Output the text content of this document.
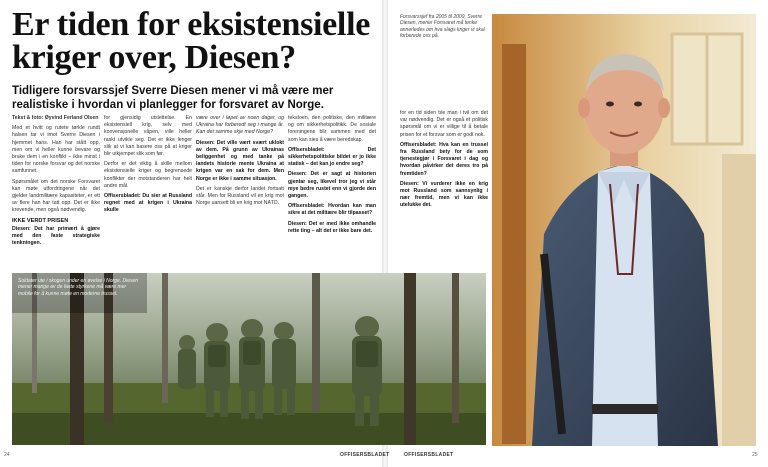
Er tiden for eksistensielle kriger over, Diesen?
Tidligere forsvarssjef Sverre Diesen mener vi må være mer realistiske i hvordan vi planlegger for forsvaret av Norge.

Tekst & foto: Øyvind Ferland Olsen

Med et hvitt og rutete tørkle rundt halsen tar vi imot Sverre Diesen i hjemmet hans. Han har stått opp, men om vi heller kunne bevare og bruke dem i en konflikt – ikke minst i tiden for norske forsvar og det norske samfunnet.

Spørsmålet om det norske Forsvaret kan møte utfordringene når det gjelder landmilitære kapasiteter, er ett av flere han har tatt opp. Det er ikke krevende, men også nødvendig.

IKKE VERDT PRISEN

Diesen: Det har primært å gjøre med den faste strategiske tenkningen.

for gjensidig utslettelse. En eksistensiell krig, selv med konvensjonelle våpen, ville heller raskt utvikle seg. Det er ikke lenger slik at vi kan basere oss på at kriger blir utkjempet slik som før.

Derfor er det viktig å skille mellom eksistensielle kriger og begrensede konflikter der motstanderen har helt andre mål.

Offisersbladet: Du sier at Russland regnet med at krigen i Ukraina skulle

være over i løpet av noen dager, og Ukraina har forberedt seg i mange år. Kan det samme skje med Norge?

Diesen: Det ville vært svært uklokt av dem. På grunn av Ukrainas beliggenhet og med tanke på landets historie mente Ukraina at krigen var en sak for dem. Men Norge er ikke i samme situasjon.

Det er kanskje derfor landet fortsatt står. Men for Russland vil en krig mot Norge uansett bli en krig mot NATO.

tekstoen, den politiske, den militære og om sikkerhetspolitikk. De sosiale foreningene blir sammen med det som kan sies å være beredskap.

Offisersbladet: Det sikkerhetspolitiske bildet er jo ikke statisk – det kan jo endre seg?

Diesen: Det er sagt at historien gjentar seg, likevel tror jeg vi står mye bedre rustet enn vi gjorde den gangen.

Offisersbladet: Hvordan kan man sikre at det militære blir tilpasset?

Diesen: Det er med ikke omhandle rette ting – alt det er ikke bare det.

Forsvarssjef fra 2005 til 2009, Sverre Diesen, mener Forsvaret må tenke annerledes om hva slags kriger vi skal forberede oss på.

for en tid siden ble man i tvil om det var nødvendig. Det er også et politisk spørsmål om vi er villige til å betale prisen for et forsvar som er godt nok.

Offisersbladet: Hva kan en trussel fra Russland bety for de som tjenestegjør i Forsvaret i dag og hvordan påvirker det deres tro på fremtiden?

Diesen: Vi vurderer ikke en krig mot Russland som sannsynlig i nær fremtid, men vi kan ikke utelukke det.

Soldater ute i skogen under en øvelse i Norge. Diesen mener mange av de faste styrkene må være mer mobile for å kunne møte en moderne trussel.
24	OFFISERSBLADET	OFFISERSBLADET	25
